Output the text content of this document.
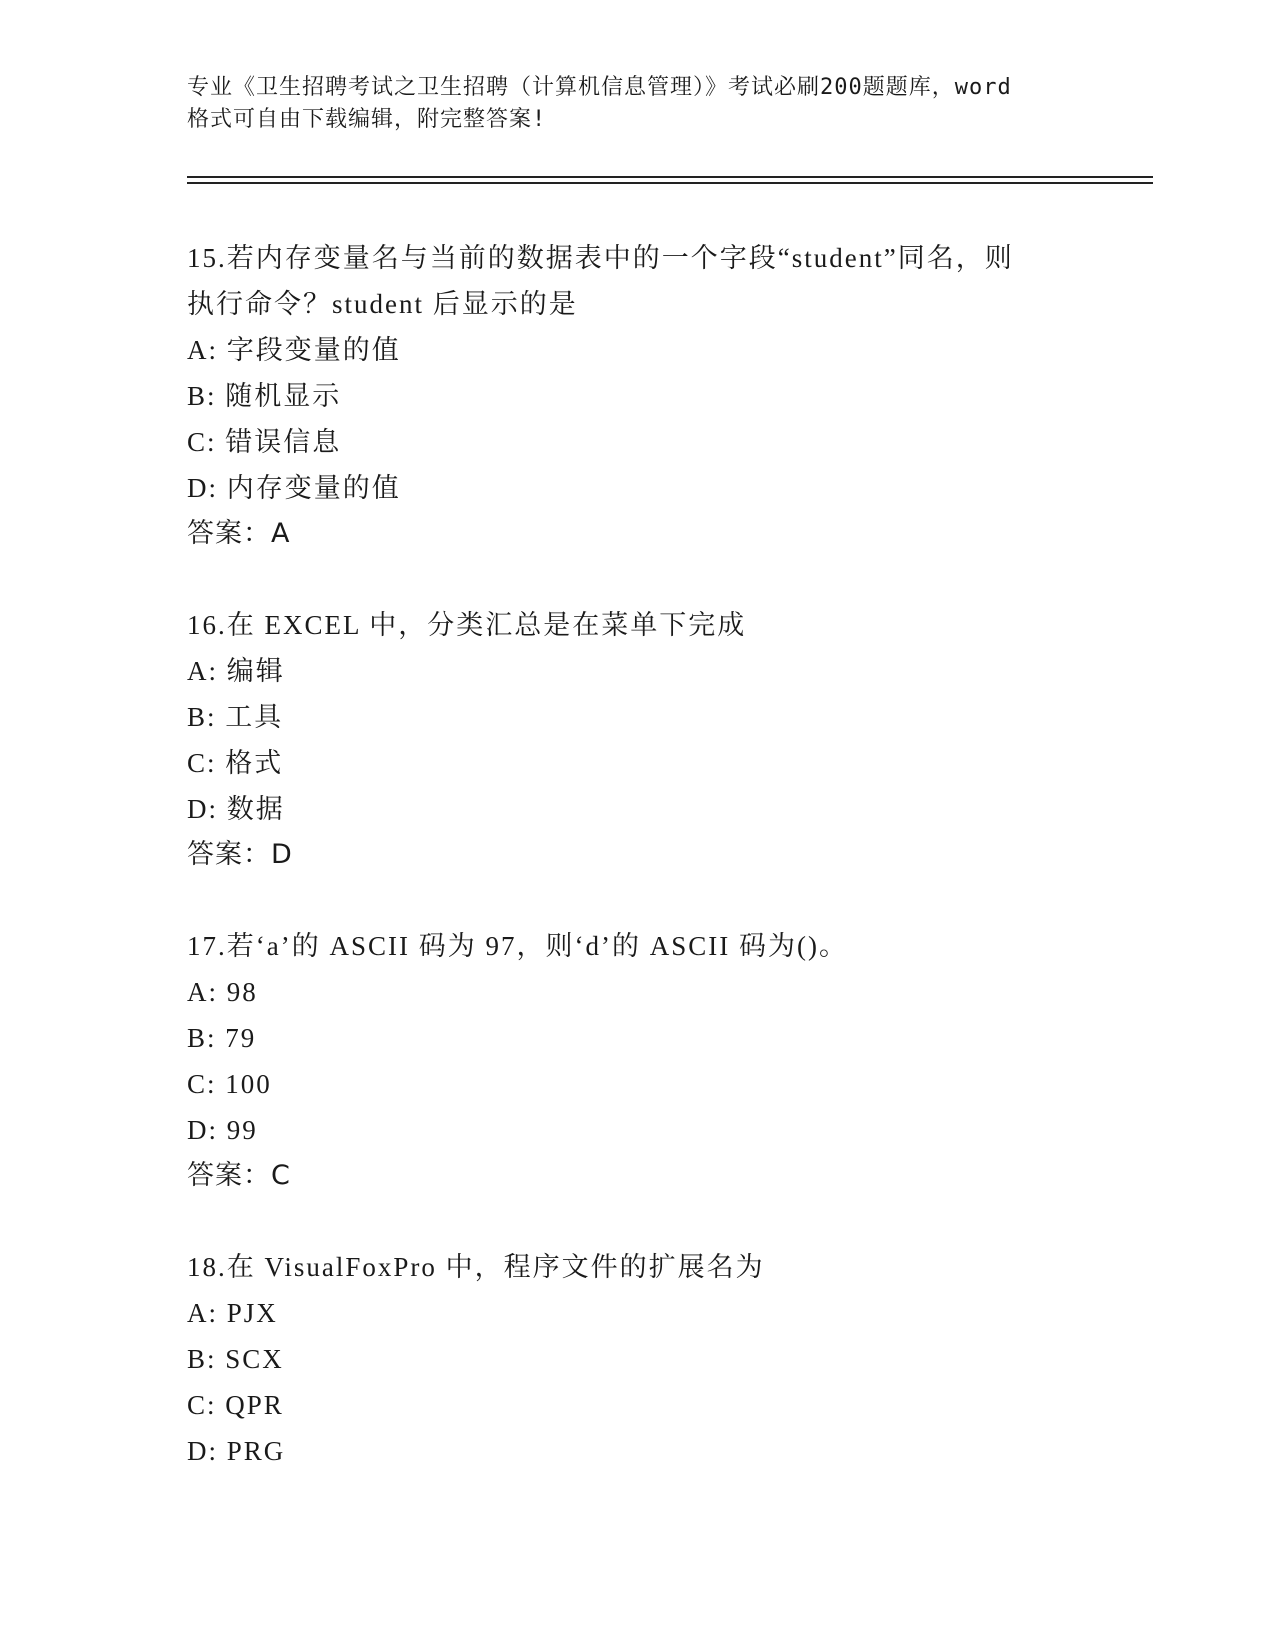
专业《卫生招聘考试之卫生招聘（计算机信息管理）》考试必刷200题题库，word
格式可自由下载编辑，附完整答案!

15.若内存变量名与当前的数据表中的一个字段“student”同名，则

执行命令？student 后显示的是

A: 字段变量的值

B: 随机显示

C: 错误信息

D: 内存变量的值

答案：A

16.在 EXCEL 中，分类汇总是在菜单下完成

A: 编辑

B: 工具

C: 格式

D: 数据

答案：D

17.若‘a’的 ASCII 码为 97，则‘d’的 ASCII 码为()。

A: 98

B: 79

C: 100

D: 99

答案：C

18.在 VisualFoxPro 中，程序文件的扩展名为

A: PJX

B: SCX

C: QPR

D: PRG
